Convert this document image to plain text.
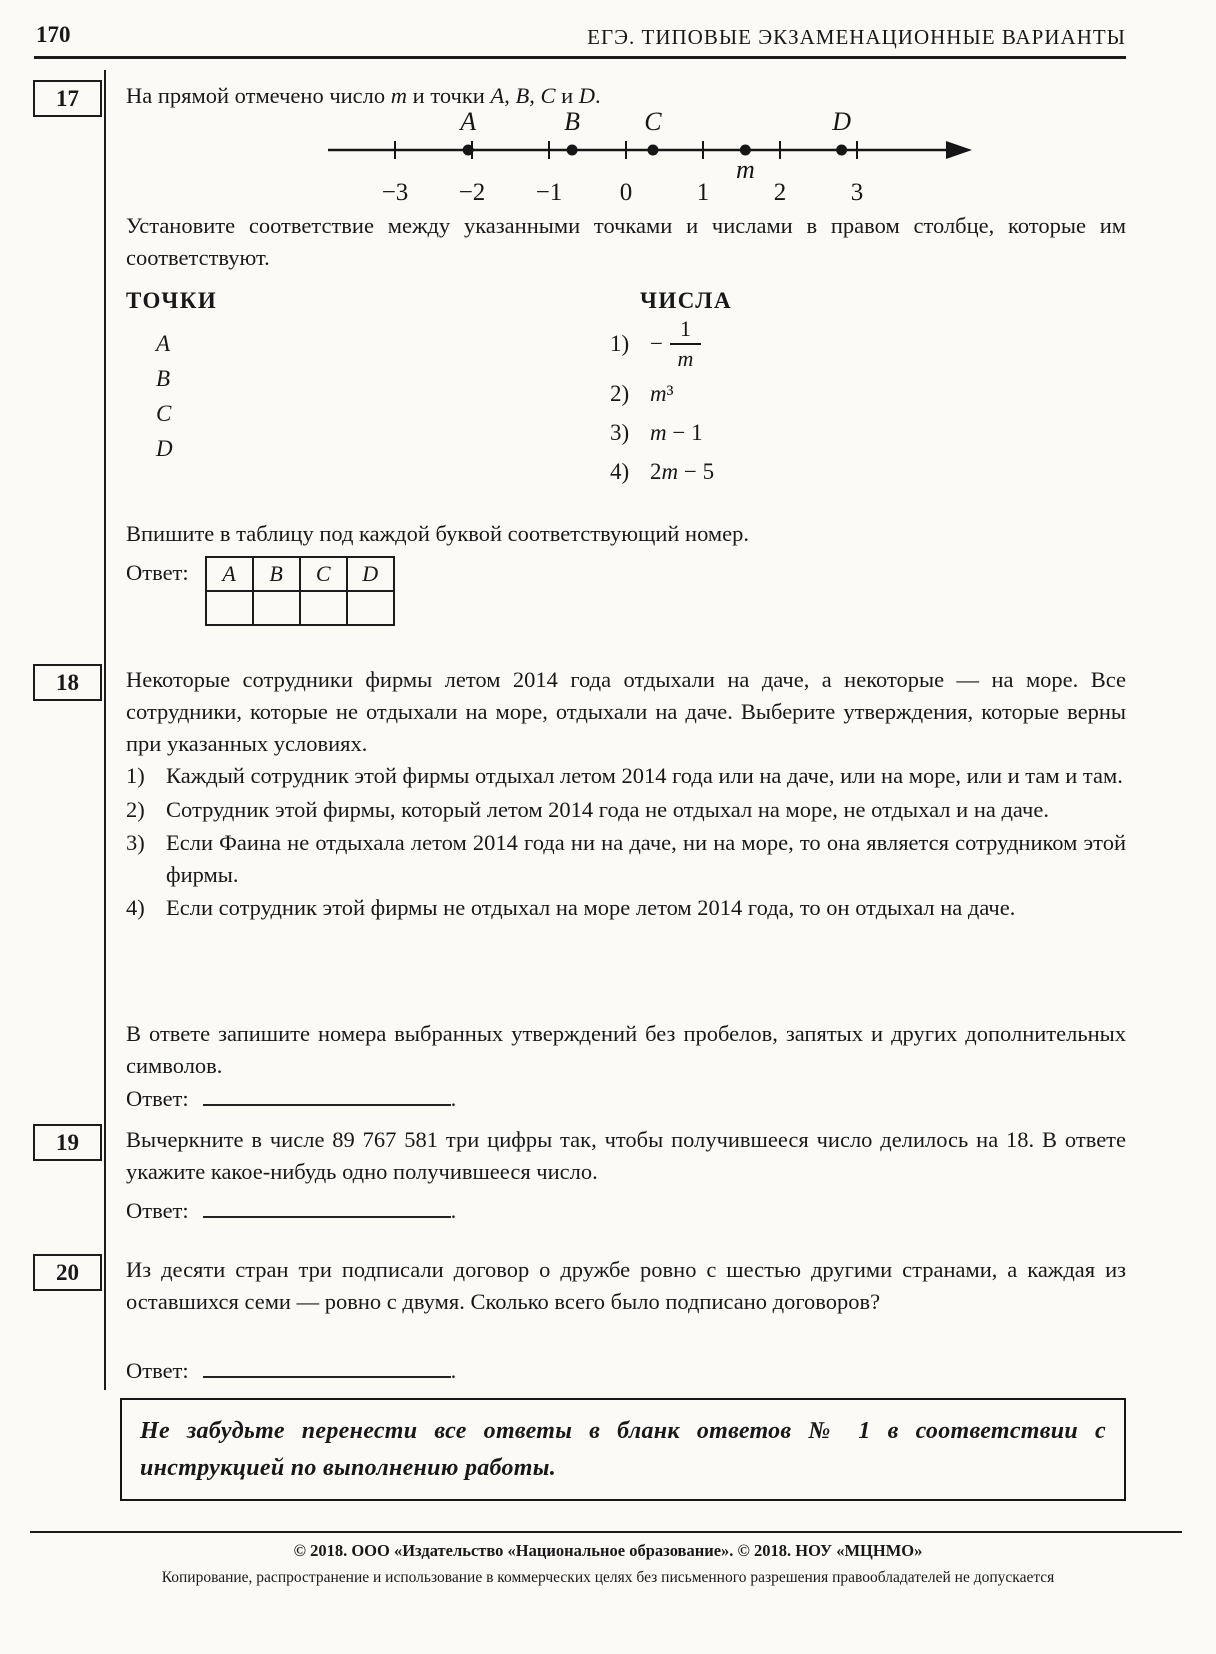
170	ЕГЭ. ТИПОВЫЕ ЭКЗАМЕНАЦИОННЫЕ ВАРИАНТЫ
17 На прямой отмечено число m и точки A, B, C и D.
−3 −2 −1 0	1	2	3
A	B C
m
D
Установите соответствие между указанными точками и числами в правом столбце, которые им соответствуют.
ТОЧКИ	ЧИСЛА
A
B
C
D
$1) - \frac{1}{m}$
2) m³
3) m − 1
4) 2m − 5
Впишите в таблицу под каждой буквой соответствующий номер.
Ответ: A	B	C	D

18 Некоторые сотрудники фирмы летом 2014 года отдыхали на даче, а некоторые — на море. Все сотрудники, которые не отдыхали на море, отдыхали на даче. Выберите утверждения, которые верны при указанных условиях.
1) Каждый сотрудник этой фирмы отдыхал летом 2014 года или на даче, или на море, или и там и там.
2) Сотрудник этой фирмы, который летом 2014 года не отдыхал на море, не отдыхал и на даче.
3) Если Фаина не отдыхала летом 2014 года ни на даче, ни на море, то она является сотрудником этой фирмы.
4) Если сотрудник этой фирмы не отдыхал на море летом 2014 года, то он отдыхал на даче.
В ответе запишите номера выбранных утверждений без пробелов, запятых и других дополнительных символов.
Ответ:	.
19 Вычеркните в числе 89 767 581 три цифры так, чтобы получившееся число делилось на 18. В ответе укажите какое-нибудь одно получившееся число.
Ответ:	.
20 Из десяти стран три подписали договор о дружбе ровно с шестью другими странами, а каждая из оставшихся семи — ровно с двумя. Сколько всего было подписано договоров?
Ответ:	.
Не забудьте перенести все ответы в бланк ответов № 1 в соответствии с инструкцией по выполнению работы.
© 2018. ООО «Издательство «Национальное образование». © 2018. НОУ «МЦНМО»
Копирование, распространение и использование в коммерческих целях без письменного разрешения правообладателей не допускается
